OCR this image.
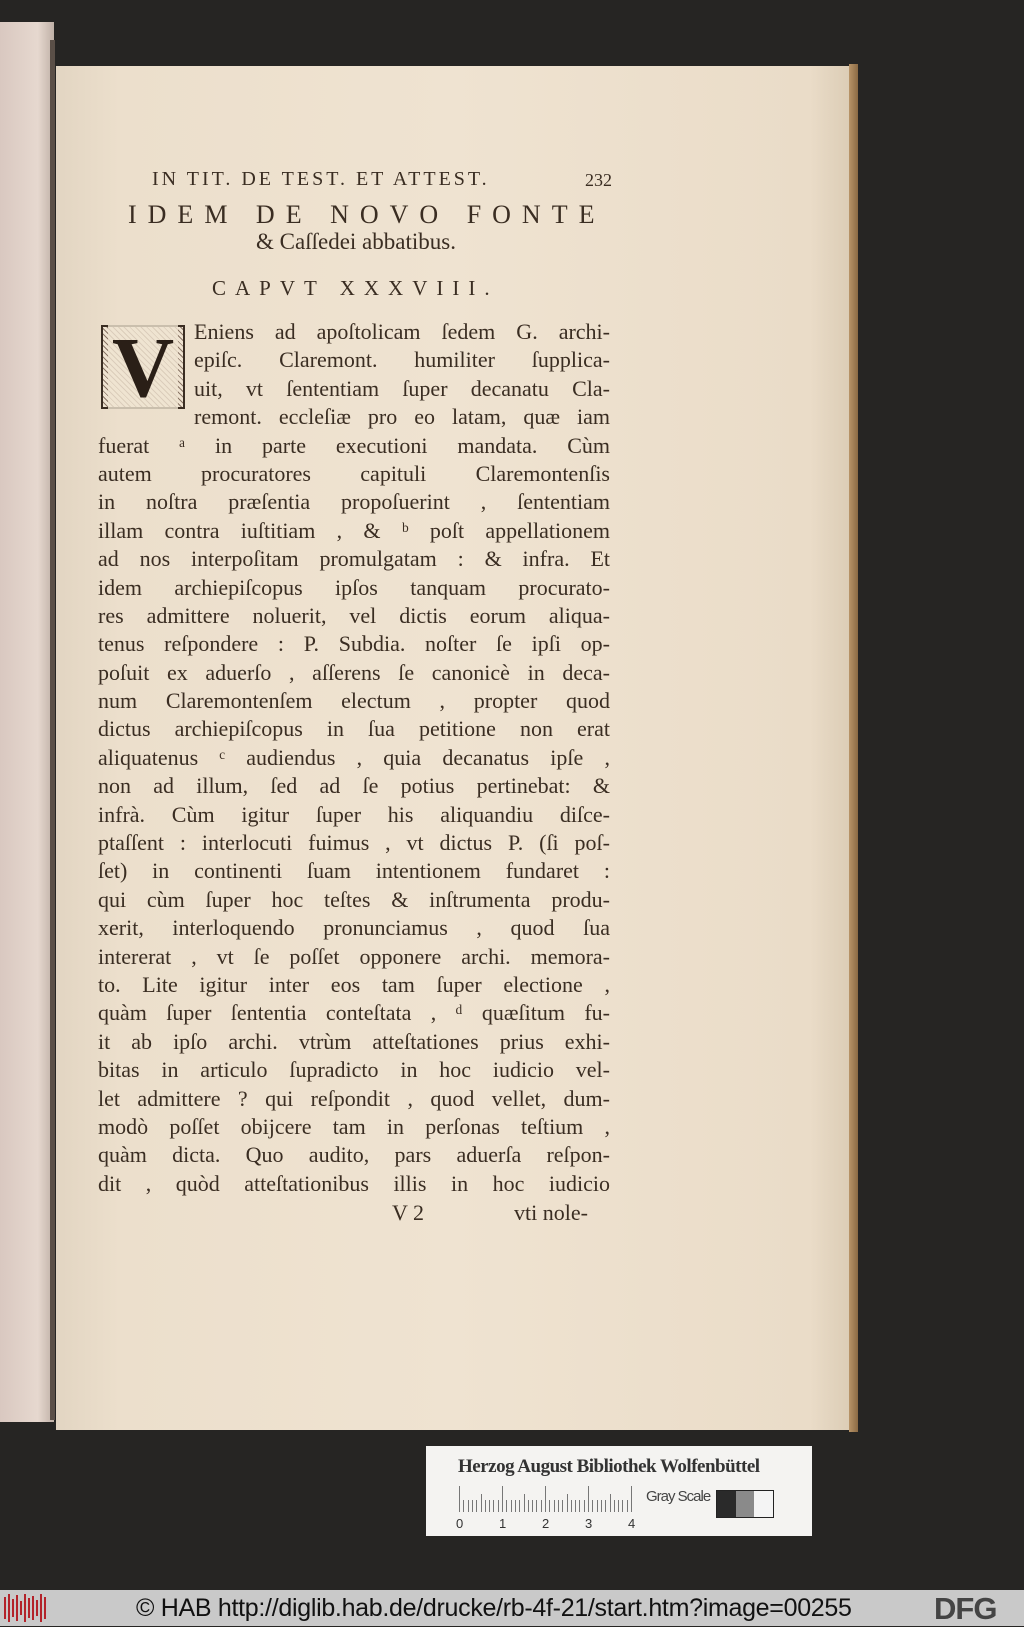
IN TIT. DE TEST. ET ATTEST.	232
IDEM DE NOVO FONTE
& Caſſedei abbatibus.
CAPVT XXXVIII.
V Eniens ad apoſtolicam ſedem G. archi-
epiſc. Claremont. humiliter ſupplica-
uit, vt ſententiam ſuper decanatu Cla-
remont. eccleſiæ pro eo latam, quæ iam
fuerat ᵃ in parte executioni mandata. Cùm
autem procuratores capituli Claremontenſis
in noſtra præſentia propoſuerint , ſententiam
illam contra iuſtitiam , & ᵇ poſt appellationem
ad nos interpoſitam promulgatam : & infra. Et
idem archiepiſcopus ipſos tanquam procurato-
res admittere noluerit, vel dictis eorum aliqua-
tenus reſpondere : P. Subdia. noſter ſe ipſi op-
poſuit ex aduerſo , aſſerens ſe canonicè in deca-
num Claremontenſem electum , propter quod
dictus archiepiſcopus in ſua petitione non erat
aliquatenus ᶜ audiendus , quia decanatus ipſe ,
non ad illum, ſed ad ſe potius pertinebat: &
infrà. Cùm igitur ſuper his aliquandiu diſce-
ptaſſent : interlocuti fuimus , vt dictus P. (ſi poſ-
ſet) in continenti ſuam intentionem fundaret :
qui cùm ſuper hoc teſtes & inſtrumenta produ-
xerit, interloquendo pronunciamus , quod ſua
intererat , vt ſe poſſet opponere archi. memora-
to. Lite igitur inter eos tam ſuper electione ,
quàm ſuper ſententia conteſtata , ᵈ quæſitum fu-
it ab ipſo archi. vtrùm atteſtationes prius exhi-
bitas in articulo ſupradicto in hoc iudicio vel-
let admittere ? qui reſpondit , quod vellet, dum-
modò poſſet obijcere tam in perſonas teſtium ,
quàm dicta. Quo audito, pars aduerſa reſpon-
dit , quòd atteſtationibus illis in hoc iudicio
V 2	vti nole-
Herzog August Bibliothek Wolfenbüttel
0	1	2	3	4
Gray Scale
© HAB http://diglib.hab.de/drucke/rb-4f-21/start.htm?image=00255	DFG
